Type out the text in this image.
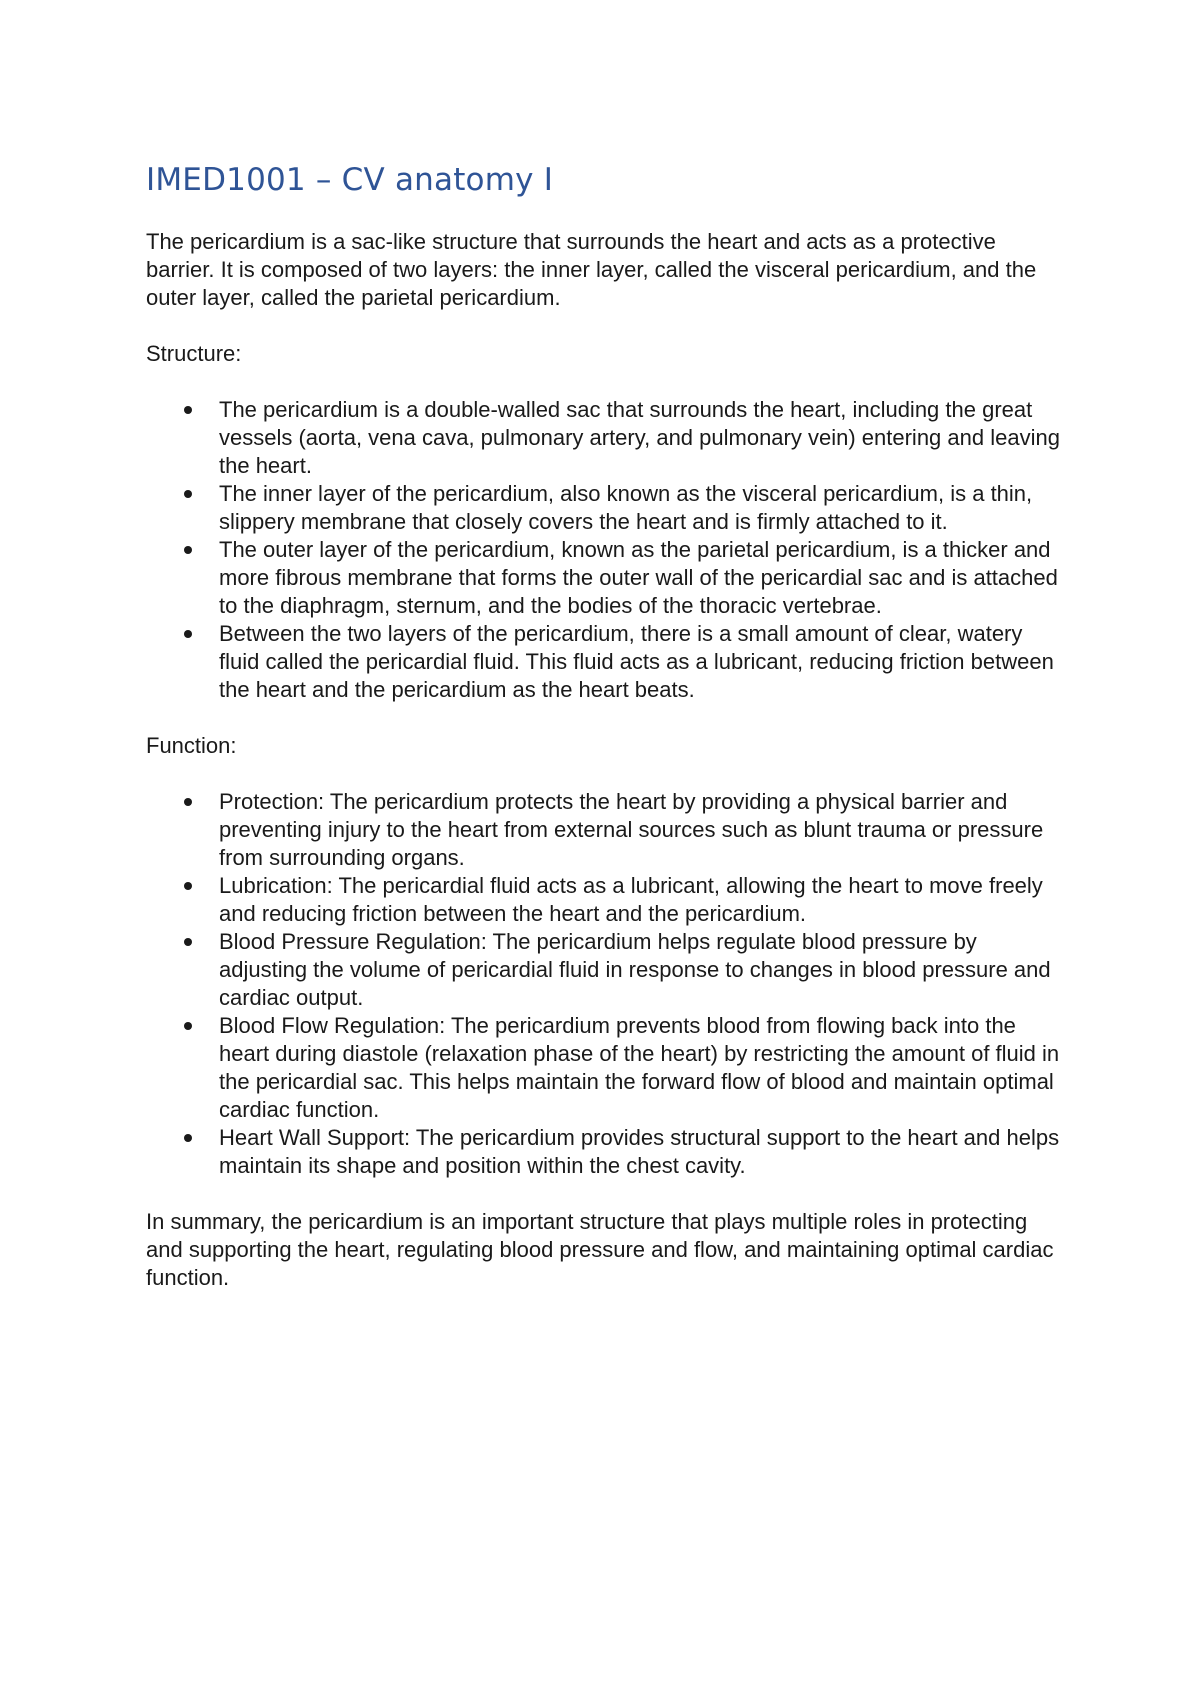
IMED1001 – CV anatomy I

The pericardium is a sac-like structure that surrounds the heart and acts as a protective barrier. It is composed of two layers: the inner layer, called the visceral pericardium, and the outer layer, called the parietal pericardium.

Structure:
The pericardium is a double-walled sac that surrounds the heart, including the great vessels (aorta, vena cava, pulmonary artery, and pulmonary vein) entering and leaving the heart.
The inner layer of the pericardium, also known as the visceral pericardium, is a thin, slippery membrane that closely covers the heart and is firmly attached to it.
The outer layer of the pericardium, known as the parietal pericardium, is a thicker and more fibrous membrane that forms the outer wall of the pericardial sac and is attached to the diaphragm, sternum, and the bodies of the thoracic vertebrae.
Between the two layers of the pericardium, there is a small amount of clear, watery fluid called the pericardial fluid. This fluid acts as a lubricant, reducing friction between the heart and the pericardium as the heart beats.
Function:
Protection: The pericardium protects the heart by providing a physical barrier and preventing injury to the heart from external sources such as blunt trauma or pressure from surrounding organs.
Lubrication: The pericardial fluid acts as a lubricant, allowing the heart to move freely and reducing friction between the heart and the pericardium.
Blood Pressure Regulation: The pericardium helps regulate blood pressure by adjusting the volume of pericardial fluid in response to changes in blood pressure and cardiac output.
Blood Flow Regulation: The pericardium prevents blood from flowing back into the heart during diastole (relaxation phase of the heart) by restricting the amount of fluid in the pericardial sac. This helps maintain the forward flow of blood and maintain optimal cardiac function.
Heart Wall Support: The pericardium provides structural support to the heart and helps maintain its shape and position within the chest cavity.

In summary, the pericardium is an important structure that plays multiple roles in protecting and supporting the heart, regulating blood pressure and flow, and maintaining optimal cardiac function.
